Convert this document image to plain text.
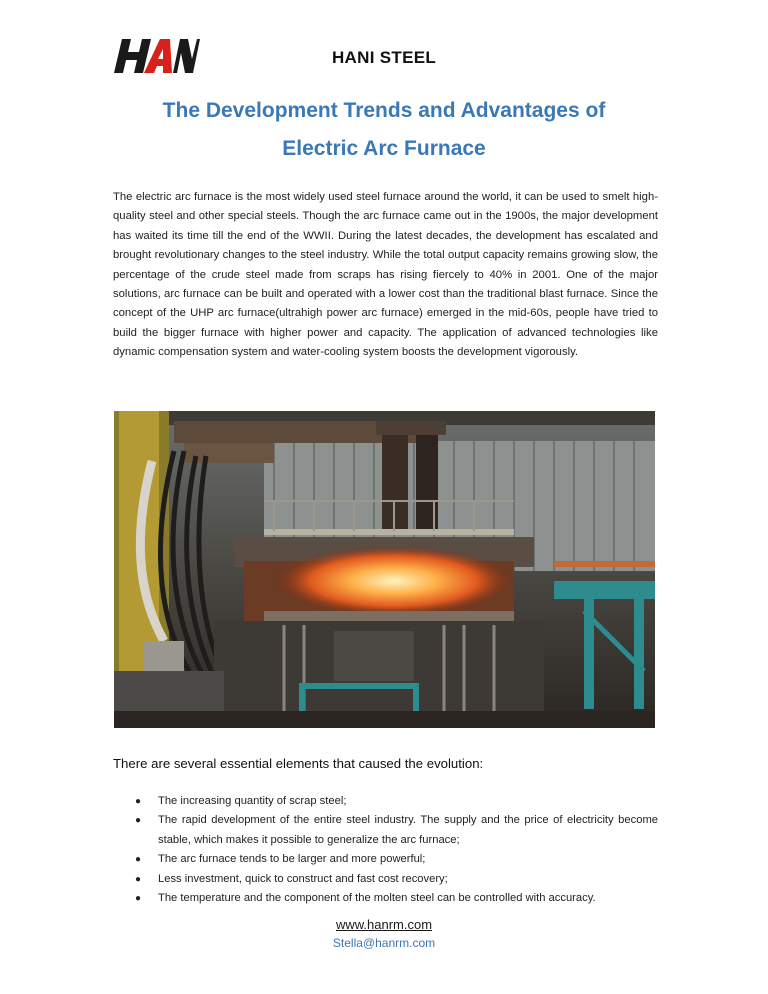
HANI STEEL
The Development Trends and Advantages of
Electric Arc Furnace

The electric arc furnace is the most widely used steel furnace around the world, it can be used to smelt high-quality steel and other special steels. Though the arc furnace came out in the 1900s, the major development has waited its time till the end of the WWII. During the latest decades, the development has escalated and brought revolutionary changes to the steel industry. While the total output capacity remains growing slow, the percentage of the crude steel made from scraps has rising fiercely to 40% in 2001. One of the major solutions, arc furnace can be built and operated with a lower cost than the traditional blast furnace. Since the concept of the UHP arc furnace(ultrahigh power arc furnace) emerged in the mid-60s, people have tried to build the bigger furnace with higher power and capacity. The application of advanced technologies like dynamic compensation system and water-cooling system boosts the development vigorously.

There are several essential elements that caused the evolution:
● The increasing quantity of scrap steel;
● The rapid development of the entire steel industry. The supply and the price of electricity become stable, which makes it possible to generalize the arc furnace;
● The arc furnace tends to be larger and more powerful;
● Less investment, quick to construct and fast cost recovery;
● The temperature and the component of the molten steel can be controlled with accuracy.
www.hanrm.com
Stella@hanrm.com
